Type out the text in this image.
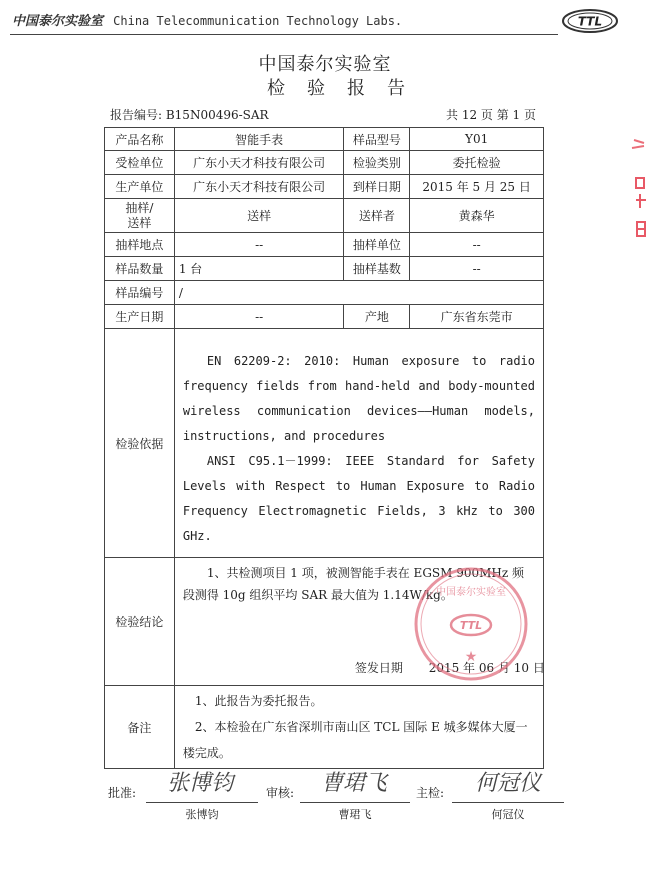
中国泰尔实验室 China Telecommunication Technology Labs.	TTL
中国泰尔实验室
检验报告
报告编号: B15N00496-SAR	共 12 页 第 1 页
产品名称	智能手表	样品型号	Y01
受检单位	广东小天才科技有限公司	检验类别	委托检验
生产单位	广东小天才科技有限公司	到样日期	2015 年 5 月 25 日

抽样/
送样	送样	送样者	黄森华
抽样地点	--	抽样单位	--
样品数量	1 台	抽样基数	--
样品编号	/		
生产日期	--	产地	广东省东莞市
检验依据	EN 62209-2: 2010: Human exposure to radio frequency fields from hand-held and body-mounted wireless communication devices——Human models, instructions, and procedures

ANSI C95.1－1999: IEEE Standard for Safety Levels with Respect to Human Exposure to Radio Frequency Electromagnetic Fields, 3 kHz to 300 GHz.		

检验结论	1、共检测项目 1 项，被测智能手表在 EGSM 900MHz 频段测得 10g 组织平均 SAR 最大值为 1.14W/kg。
签发日期 2015 年 06 月 10 日		

备注	1、此报告为委托报告。
2、本检验在广东省深圳市南山区 TCL 国际 E 城多媒体大厦一楼完成。		
TTL
中国泰尔实验室
★
批准:	张博钧
张博钧
审核:	曹珺飞
曹珺飞
主检:	何冠仪
何冠仪
